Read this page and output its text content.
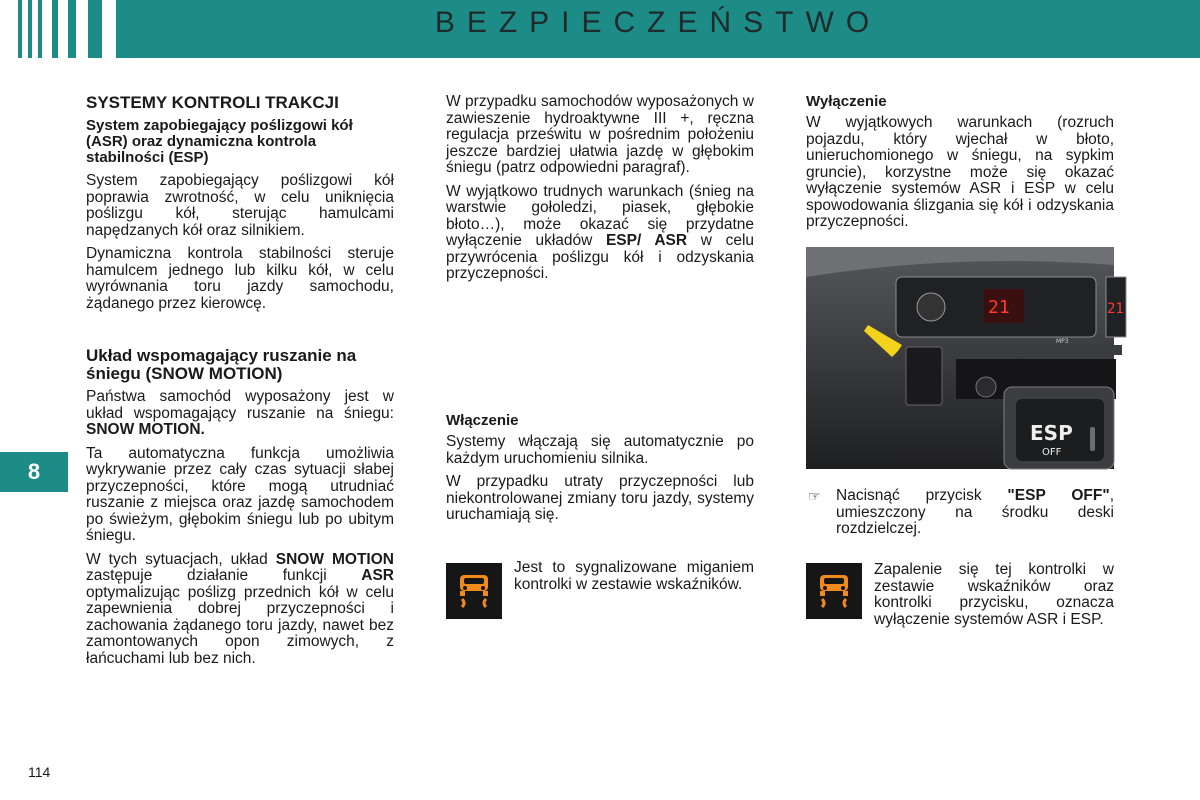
BEZPIECZEŃSTWO
8
SYSTEMY KONTROLI TRAKCJI
System zapobiegający poślizgowi kół (ASR) oraz dynamiczna kontrola stabilności (ESP)

System zapobiegający poślizgowi kół poprawia zwrotność, w celu uniknięcia poślizgu kół, sterując hamulcami napędzanych kół oraz silnikiem.

Dynamiczna kontrola stabilności steruje hamulcem jednego lub kilku kół, w celu wyrównania toru jazdy samochodu, żądanego przez kierowcę.

Układ wspomagający ruszanie na śniegu (SNOW MOTION)

Państwa samochód wyposażony jest w układ wspomagający ruszanie na śniegu: SNOW MOTION.

Ta automatyczna funkcja umożliwia wykrywanie przez cały czas sytuacji słabej przyczepności, które mogą utrudniać ruszanie z miejsca oraz jazdę samochodem po świeżym, głębokim śniegu lub po ubitym śniegu.

W tych sytuacjach, układ SNOW MOTION zastępuje działanie funkcji ASR optymalizując poślizg przednich kół w celu zapewnienia dobrej przyczepności i zachowania żądanego toru jazdy, nawet bez zamontowanych opon zimowych, z łańcuchami lub bez nich.

W przypadku samochodów wyposażonych w zawieszenie hydroaktywne III +, ręczna regulacja prześwitu w pośrednim położeniu jeszcze bardziej ułatwia jazdę w głębokim śniegu (patrz odpowiedni paragraf).

W wyjątkowo trudnych warunkach (śnieg na warstwie gołoledzi, piasek, głębokie błoto…), może okazać się przydatne wyłączenie układów ESP/ ASR w celu przywrócenia poślizgu kół i odzyskania przyczepności.

Włączenie

Systemy włączają się automatycznie po każdym uruchomieniu silnika.

W przypadku utraty przyczepności lub niekontrolowanej zmiany toru jazdy, systemy uruchamiają się.

Jest to sygnalizowane miganiem kontrolki w zestawie wskaźników.

Wyłączenie

W wyjątkowych warunkach (rozruch pojazdu, który wjechał w błoto, unieruchomionego w śniegu, na sypkim gruncie), korzystne może się okazać wyłączenie systemów ASR i ESP w celu spowodowania ślizgania się kół i odzyskania przyczepności.

21	21
MP3
ESP
OFF
☞ Nacisnąć przycisk "ESP OFF", umieszczony na środku deski rozdzielczej.

Zapalenie się tej kontrolki w zestawie wskaźników oraz kontrolki przycisku, oznacza wyłączenie systemów ASR i ESP.

114
